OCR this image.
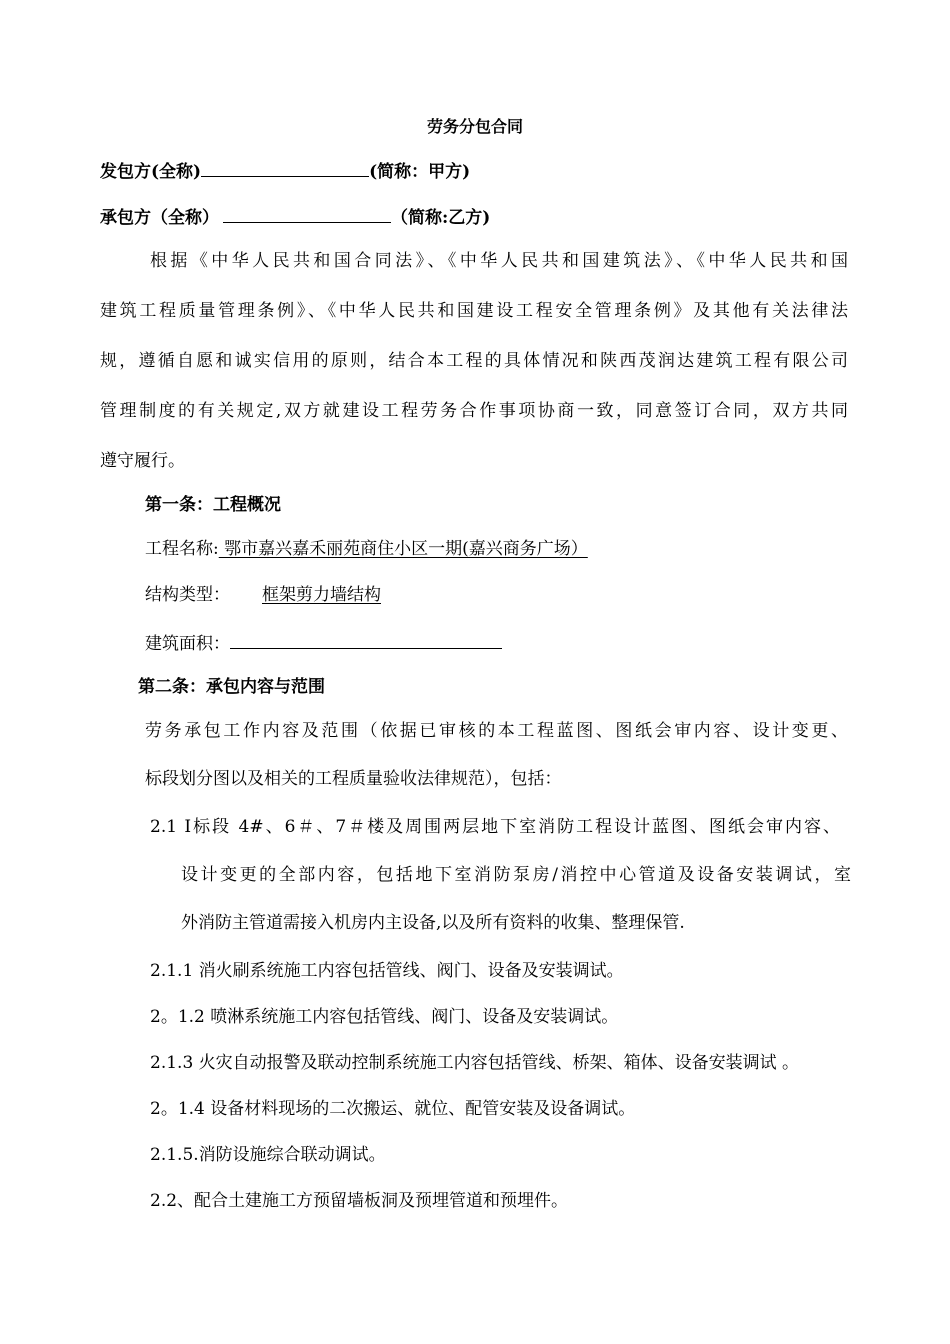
劳务分包合同
发包方(全称)	(简称：甲方)
承包方（全称）	（简称:乙方)
根据《中华人民共和国合同法》、《中华人民共和国建筑法》、《中华人民共和国
建筑工程质量管理条例》、《中华人民共和国建设工程安全管理条例》及其他有关法律法
规，遵循自愿和诚实信用的原则，结合本工程的具体情况和陕西茂润达建筑工程有限公司
管理制度的有关规定,双方就建设工程劳务合作事项协商一致，同意签订合同，双方共同
遵守履行。
第一条：工程概况
工程名称: 鄂市嘉兴嘉禾丽苑商住小区一期(嘉兴商务广场）
结构类型： 框架剪力墙结构
建筑面积：
第二条：承包内容与范围
劳务承包工作内容及范围（依据已审核的本工程蓝图、图纸会审内容、设计变更、
标段划分图以及相关的工程质量验收法律规范），包括：
2.1 Ⅰ标段 4#、6＃、7＃楼及周围两层地下室消防工程设计蓝图、图纸会审内容、
设计变更的全部内容，包括地下室消防泵房/消控中心管道及设备安装调试，室
外消防主管道需接入机房内主设备,以及所有资料的收集、整理保管.
2.1.1 消火刷系统施工内容包括管线、阀门、设备及安装调试。
2。1.2 喷淋系统施工内容包括管线、阀门、设备及安装调试。
2.1.3 火灾自动报警及联动控制系统施工内容包括管线、桥架、箱体、设备安装调试 。
2。1.4 设备材料现场的二次搬运、就位、配管安装及设备调试。
2.1.5.消防设施综合联动调试。
2.2、配合土建施工方预留墙板洞及预埋管道和预埋件。
